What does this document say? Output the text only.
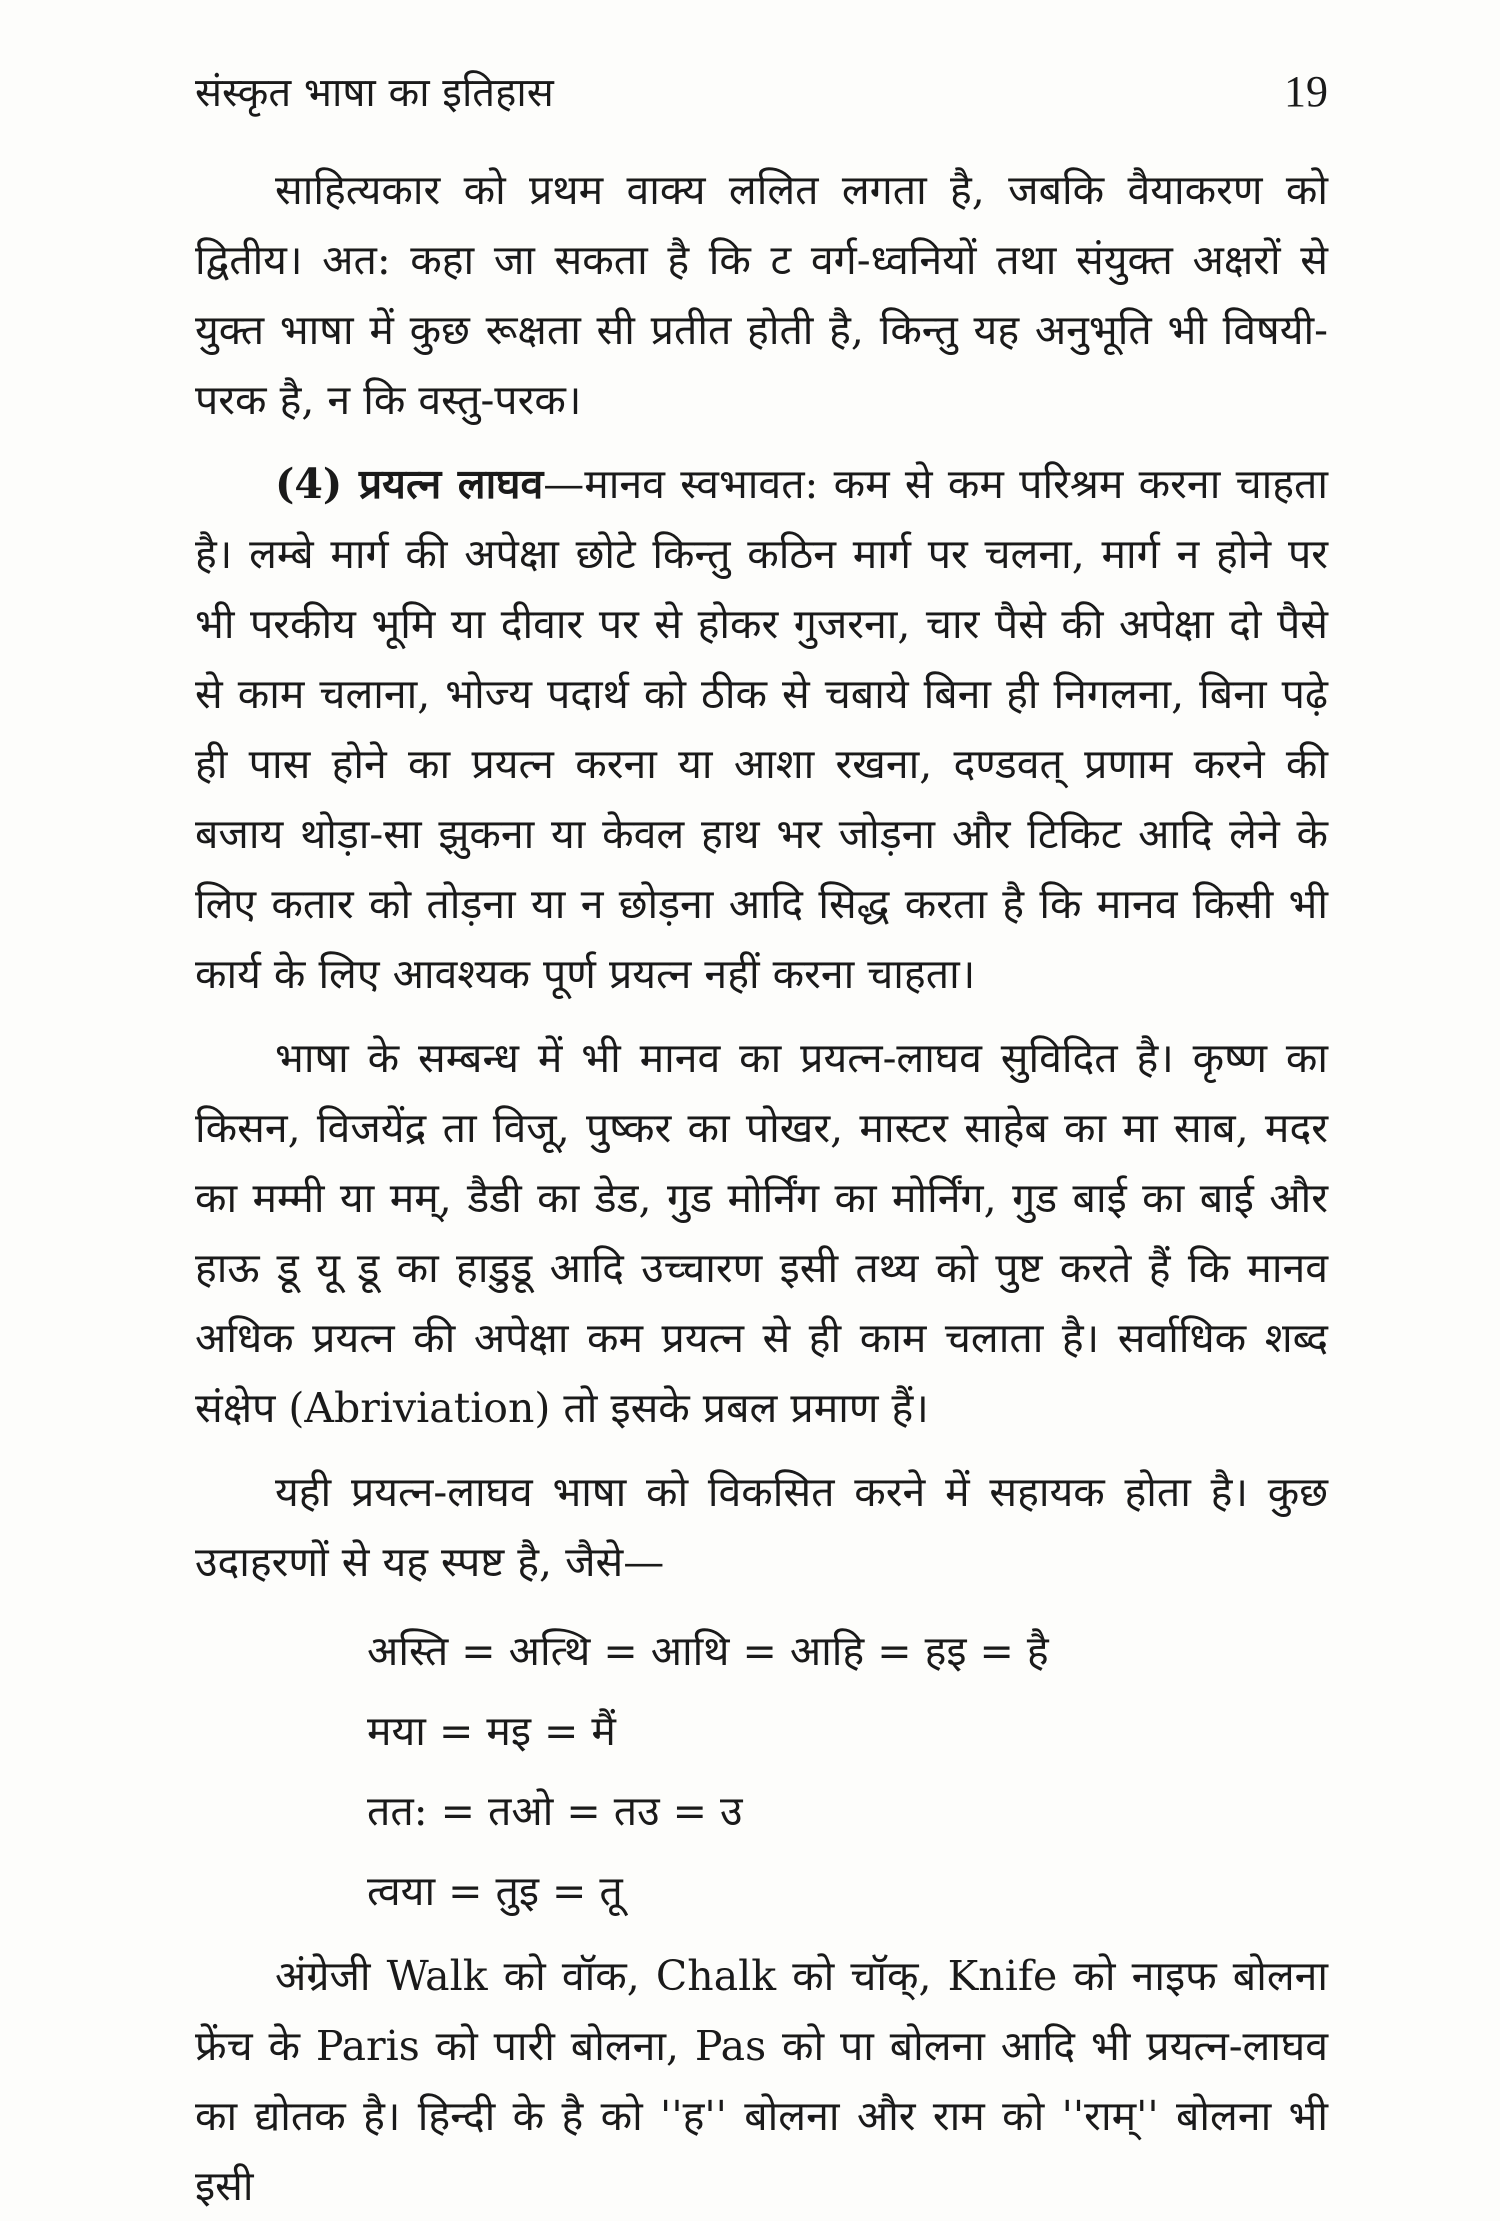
संस्कृत भाषा का इतिहास	19

साहित्यकार को प्रथम वाक्य ललित लगता है, जबकि वैयाकरण को द्वितीय। अत: कहा जा सकता है कि ट वर्ग-ध्वनियों तथा संयुक्त अक्षरों से युक्त भाषा में कुछ रूक्षता सी प्रतीत होती है, किन्तु यह अनुभूति भी विषयी-परक है, न कि वस्तु-परक।

(4) प्रयत्न लाघव—मानव स्वभावत: कम से कम परिश्रम करना चाहता है। लम्बे मार्ग की अपेक्षा छोटे किन्तु कठिन मार्ग पर चलना, मार्ग न होने पर भी परकीय भूमि या दीवार पर से होकर गुजरना, चार पैसे की अपेक्षा दो पैसे से काम चलाना, भोज्य पदार्थ को ठीक से चबाये बिना ही निगलना, बिना पढ़े ही पास होने का प्रयत्न करना या आशा रखना, दण्डवत् प्रणाम करने की बजाय थोड़ा-सा झुकना या केवल हाथ भर जोड़ना और टिकिट आदि लेने के लिए कतार को तोड़ना या न छोड़ना आदि सिद्ध करता है कि मानव किसी भी कार्य के लिए आवश्यक पूर्ण प्रयत्न नहीं करना चाहता।

भाषा के सम्बन्ध में भी मानव का प्रयत्न-लाघव सुविदित है। कृष्ण का किसन, विजयेंद्र ता विजू, पुष्कर का पोखर, मास्टर साहेब का मा साब, मदर का मम्मी या मम्, डैडी का डेड, गुड मोर्निंग का मोर्निंग, गुड बाई का बाई और हाऊ डू यू डू का हाडुडू आदि उच्चारण इसी तथ्य को पुष्ट करते हैं कि मानव अधिक प्रयत्न की अपेक्षा कम प्रयत्न से ही काम चलाता है। सर्वाधिक शब्द संक्षेप (Abriviation) तो इसके प्रबल प्रमाण हैं।

यही प्रयत्न-लाघव भाषा को विकसित करने में सहायक होता है। कुछ उदाहरणों से यह स्पष्ट है, जैसे—

अस्ति = अत्थि = आथि = आहि = हइ = है
मया = मइ = मैं
तत: = तओ = तउ = उ
त्वया = तुइ = तू

अंग्रेजी Walk को वॉक, Chalk को चॉक्, Knife को नाइफ बोलना फ्रेंच के Paris को पारी बोलना, Pas को पा बोलना आदि भी प्रयत्न-लाघव का द्योतक है। हिन्दी के है को ''ह'' बोलना और राम को ''राम्'' बोलना भी इसी
